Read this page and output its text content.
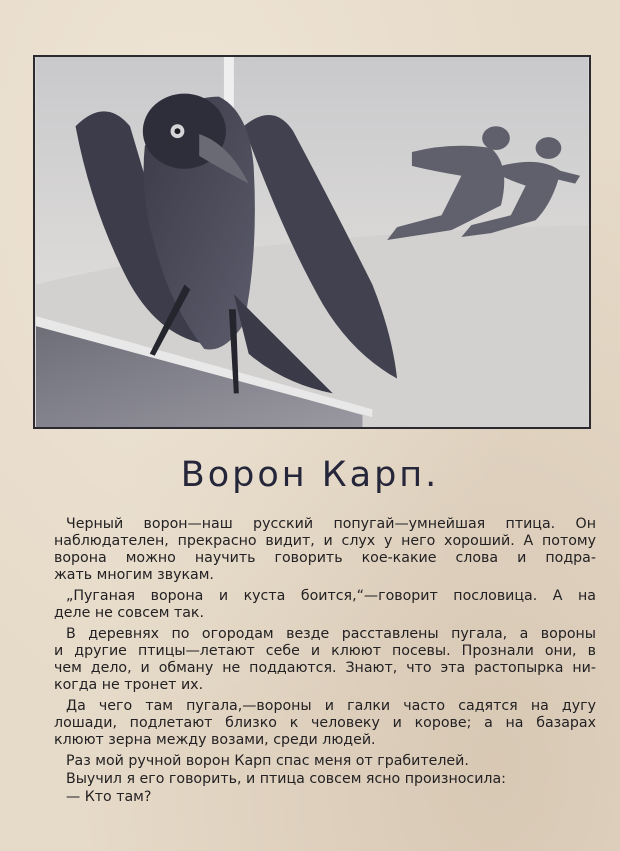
Ворон Карп.

Черный ворон—наш русский попугай—умнейшая птица. Он
наблюдателен, прекрасно видит, и слух у него хороший. А потому
ворона можно научить говорить кое-какие слова и подра-
жать многим звукам.

„Пуганая ворона и куста боится,“—говорит пословица. А на
деле не совсем так.

В деревнях по огородам везде расставлены пугала, а вороны
и другие птицы—летают себе и клюют посевы. Прознали они, в
чем дело, и обману не поддаются. Знают, что эта растопырка ни-
когда не тронет их.

Да чего там пугала,—вороны и галки часто садятся на дугу
лошади, подлетают близко к человеку и корове; а на базарах
клюют зерна между возами, среди людей.

Раз мой ручной ворон Карп спас меня от грабителей.

Выучил я его говорить, и птица совсем ясно произносила:

— Кто там?
